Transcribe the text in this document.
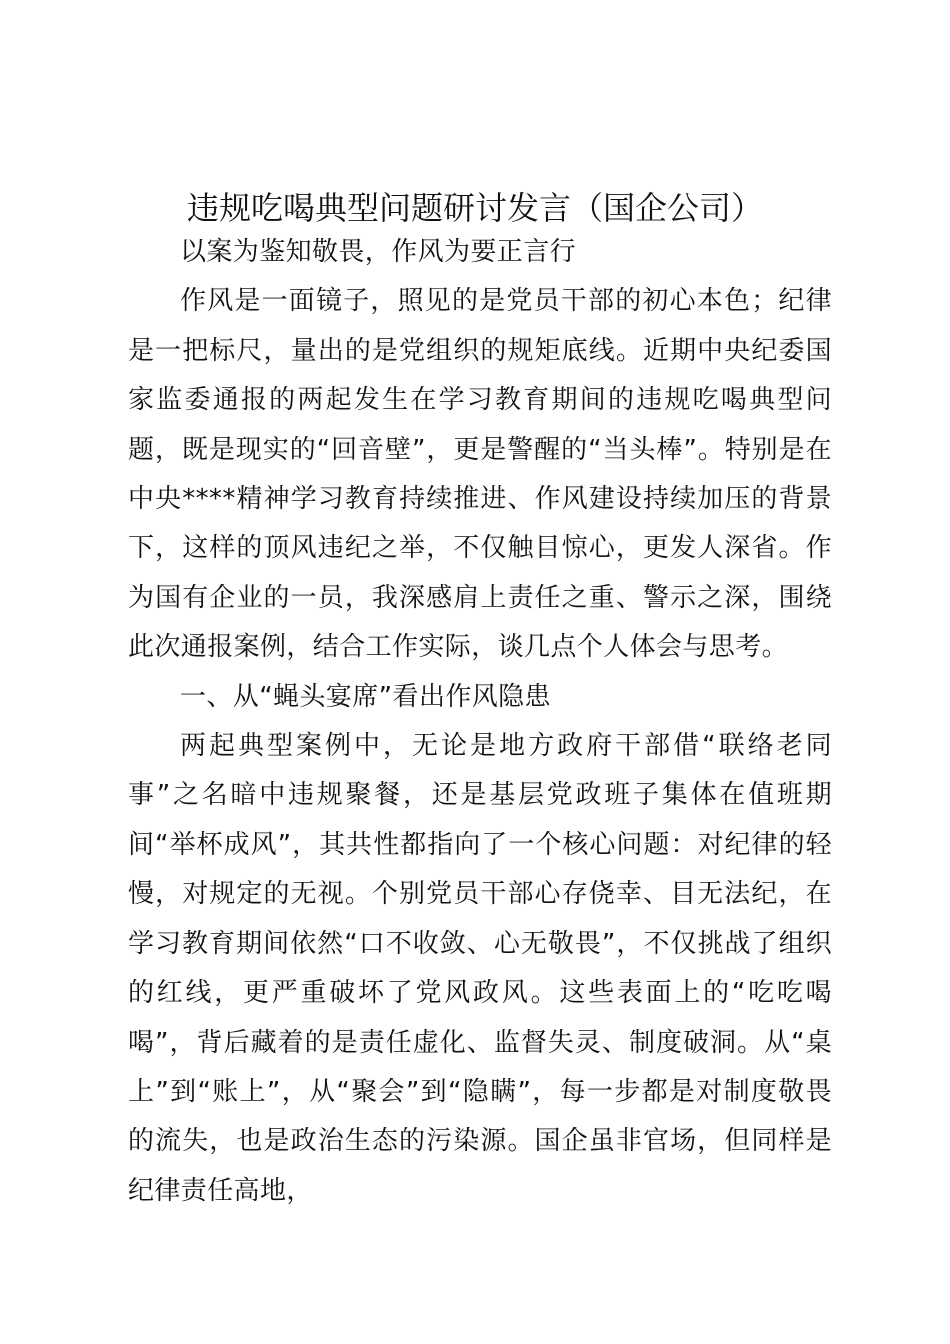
违规吃喝典型问题研讨发言（国企公司）

以案为鉴知敬畏，作风为要正言行

作风是一面镜子，照见的是党员干部的初心本色；纪律是一把标尺，量出的是党组织的规矩底线。近期中央纪委国家监委通报的两起发生在学习教育期间的违规吃喝典型问题，既是现实的“回音壁”，更是警醒的“当头棒”。特别是在中央****精神学习教育持续推进、作风建设持续加压的背景下，这样的顶风违纪之举，不仅触目惊心，更发人深省。作为国有企业的一员，我深感肩上责任之重、警示之深，围绕此次通报案例，结合工作实际，谈几点个人体会与思考。

一、从“蝇头宴席”看出作风隐患

两起典型案例中，无论是地方政府干部借“联络老同事”之名暗中违规聚餐，还是基层党政班子集体在值班期间“举杯成风”，其共性都指向了一个核心问题：对纪律的轻慢，对规定的无视。个别党员干部心存侥幸、目无法纪，在学习教育期间依然“口不收敛、心无敬畏”，不仅挑战了组织的红线，更严重破坏了党风政风。这些表面上的“吃吃喝喝”，背后藏着的是责任虚化、监督失灵、制度破洞。从“桌上”到“账上”，从“聚会”到“隐瞒”，每一步都是对制度敬畏的流失，也是政治生态的污染源。国企虽非官场，但同样是纪律责任高地，
